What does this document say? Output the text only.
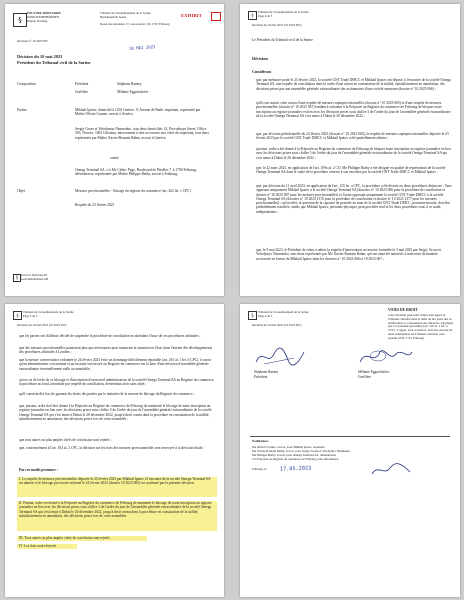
§
POUVOIR JUDICIAIRE
GERICHTSBEHÖRDEN
Kanton Freiburg
Tribunal de l'arrondissement de la Sarine
Bezirksgericht Saane
Route des Arsenaux 17, case postale 130, 1701 Fribourg
EXHIBIT
Décision n° 10 2023 067
18 MAI 2023
Décision du 10 mai 2023
Président du Tribunal civil de la Sarine
Composition	Président	Stéphane Raemy
Greffière	Mélanie Eggertshofer
Parties	Mikhail Ipatov, domicilié à 1202 Genève, 9, Avenue de Budé, requérant, représenté par Maître Olivier Cramer, avocat à Genève,
Sergiy Grosu et Volodymyr Naumenko, tous deux domiciliés 14, Provodnaya Street, Office 303, Novoes, 1003 Chisinau, intervenants à titre accessoire aux côtés du requérant, tous deux représentés par Maître Xavier-Romain Rahm, avocat à Genève,
contre
Omega Terminal SA, c/o Me Cédric Page, Boulevard de Pérolles 7, à 1700 Fribourg, défenderesse, représentée par Maître Philippe Barby, avocat à Fribourg,
Objet	Mesures provisionnelles - blocage du registre du commerce (art. 262 let. c CPC)
Requête du 23 février 2023
§ Pouvoir Judiciaire PJ
Gerichtsbehörden GB
§
Tribunal de l'arrondissement de la Sarine
Page 2 de 5
Décision du 10 mai 2023 (10 2023 067)
Le Président du Tribunal civil de la Sarine
Décision
Considérant
que, par mémoire posté le 23 février 2023, la société GNT Trade DMCC et Mikhail Ipatov ont déposé, à l'encontre de la société Omega Terminal SA, une requête de conciliation dans la cadre d'une action en constatation de la nullité, subsidiairement en annulation, des décisions prises par une assemblée générale extraordinaire des actionnaires d'une société anonyme (dossier n° 10 2023 066) ;
qu'ils ont assorti cette action d'une requête de mesures superprovisionnelles (dossier n° 10 2023 065) et d'une requête de mesures provisionnelles (dossier n° 10 2023 067) tendant à ordonner à la Préposée au Registre du commerce de Fribourg de bloquer toute inscription au registre journalier en lien avec les décisions prises sous chiffre 3 de l'ordre du jour de l'assemblée générale extraordinaire de la société Omega Terminal SA s'est tenue à Dubaï le 20 décembre 2022 ;
que, par décision présidentielle du 24 février 2023 (dossier n° 10 2023 065), la requête de mesures superprovisionnelles déposée le 23 février 2023 par la société GNT Trade DMCC et Mikhail Ipatov a été partiellement admise ;
qu'ainsi, ordre a été donné à la Préposée au Registre du commerce de Fribourg de bloquer toute inscription au registre journalier en lien avec les décisions prises sous chiffre 3 de l'ordre du jour de l'assemblée générale extraordinaire de la société Omega Terminal SA qui s'est tenue à Dubaï le 20 décembre 2022 ;
que, le 22 mars 2023, en application de l'art. 109a al. 2 CO, Me Philippe Barby a été désigné en qualité de représentant de la société Omega Terminal SA dans le cadre de la procédure ouverte à son encontre par la société GNT Trade DMCC et Mikhail Ipatov ;
que, par décision du 11 avril 2023, en application de l'art. 125 let. a CPC, la procédure a été divisée en deux procédures distinctes : l'une opposant uniquement Mikhail Ipatov à la société Omega Terminal SA (dossiers n° 10 2023 066 pour la procédure de conciliation et dossier n° 10 2023 067 pour les mesures provisionnelles) et l'autre opposant uniquement la société GNT Trade DMCC à la société Omega Terminal SA (dossiers n° 10 2023 1376 pour la procédure de conciliation et dossier n° 10 2023 1377 pour les mesures provisionnelles) ; qu'en effet, la question de la capacité de postuler au nom de la société GNT Trade DMCC, personne morale, doit être préalablement tranchée, tandis que Mikhail Ipatov, personne physique, peut procéder seul et les deux procédures sont, à ce stade, indépendantes ;
que, le 9 mai 2023, le Président de céans a admis la requête d'intervention accessoire formulée le 3 mai 2023 par Sergiy Grosu et Volodymyr Naumenko, tous deux représentés par Me Xavier-Romain Rahm, qui ont ainsi été autorisés à intervenir de manière accessoire en faveur de Mikhail Ipatov dans les dossiers n° 10 2023 066 et 10 2023 067 ;
§
Tribunal de l'arrondissement de la Sarine
Page 3 de 5
Décision du 10 mai 2023 (10 2023 067)
que les parties ont d'ailleurs décidé de suspendre la procédure de conciliation en attendant l'issue de ces procédures arbitrales ;
que des mesures provisionnelles paraissent plus que nécessaires pour maintenir la situation en l'état, dans l'attente des développements des procédures arbitrales à Londres ;
que la mesure conservatoire ordonnée le 24 février 2023 évite un dommage difficilement réparable (art. 261 al. 1 let. b CPC), à savoir qu'un administrateur soit nommé et qu'un autre soit inscrit au Registre du commerce sur la base d'une décision d'assemblée générale extraordinaire éventuellement nulle ou annulable ;
qu'en cas de levée de ce blocage et d'inscription d'un nouvel administrateur de la société Omega Terminal SA au Registre du commerce, la procédure au fond, introduite par requête de conciliation, deviendrait alors sans objet ;
qu'il convient dès lors de garantir les droits des parties par le maintien de la mesure de blocage du Registre du commerce ;
que, partant, ordre doit être donné à la Préposée au Registre du commerce de Fribourg de maintenir le blocage de toute inscription au registre journalier en lien avec les décisions prises sous chiffre 3 de l'ordre du jour de l'assemblée générale extraordinaire de la société Omega Terminal SA qui s'est tenue à Dubaï le 20 décembre 2022, jusqu'à droit connu dans la procédure en constatation de la nullité, subsidiairement en annulation, des décisions prises lors de cette assemblée ;
que tous autres ou plus amples chefs de conclusion sont rejetés ;
que, conformément à l'art. 104 al. 3 CPC, la décision sur les frais des mesures provisionnelles sera renvoyée à la décision finale ;
Par ces motifs prononce :
I. La requête de mesures provisionnelles déposée le 23 février 2023 par Mikhail Ipatov à l'encontre de la société Omega Terminal SA est admise et le blocage provisoire ordonné le 24 février 2023 (dossier 10 2023 065) est confirmé par la présente décision.
II. Partant, ordre est donné à la Préposée au Registre du commerce de Fribourg de maintenir le blocage de toute inscription au registre journalier en lien avec les décisions prises sous chiffre 3 de l'ordre du jour de l'assemblée générale extraordinaire de la société Omega Terminal SA qui s'est tenue à Dubaï le 20 décembre 2022, jusqu'à droit connu dans la procédure en constatation de la nullité, subsidiairement en annulation, des décisions prises lors de cette assemblée.
III. Tous autres ou plus amples chefs de conclusion sont rejetés.
IV. Les frais sont réservés.
§
Tribunal de l'arrondissement de la Sarine
Page 4 de 5
Décision du 10 mai 2023 (10 2023 067)
Stéphane Raemy
Président
Mélanie Eggertshofer
Greffière
Notification :
Me Olivier Cramer, avocat, pour Mikhail Ipatov, requérant
Me Xavier-Romain Rahm, avocat, pour Sergiy Grosu et Volodymyr Naumenko
Me Philippe Barby, avocat, pour Omega Terminal SA, défenderesse
à la Préposée au Registre du commerce de Fribourg, pour information
Fribourg, le	17.05.2023
VOIES DE DROIT
Cette décision peut faire l'objet d'un appel au Tribunal cantonal dans le délai de dix jours dès sa notification. La suspension des délais ne s'applique pas à la présente procédure (art. 145 al. 2 let. b CPC). L'appel, écrit et motivé, doit être adressé en deux exemplaires au Tribunal cantonal, case postale 1654, 1701 Fribourg.
